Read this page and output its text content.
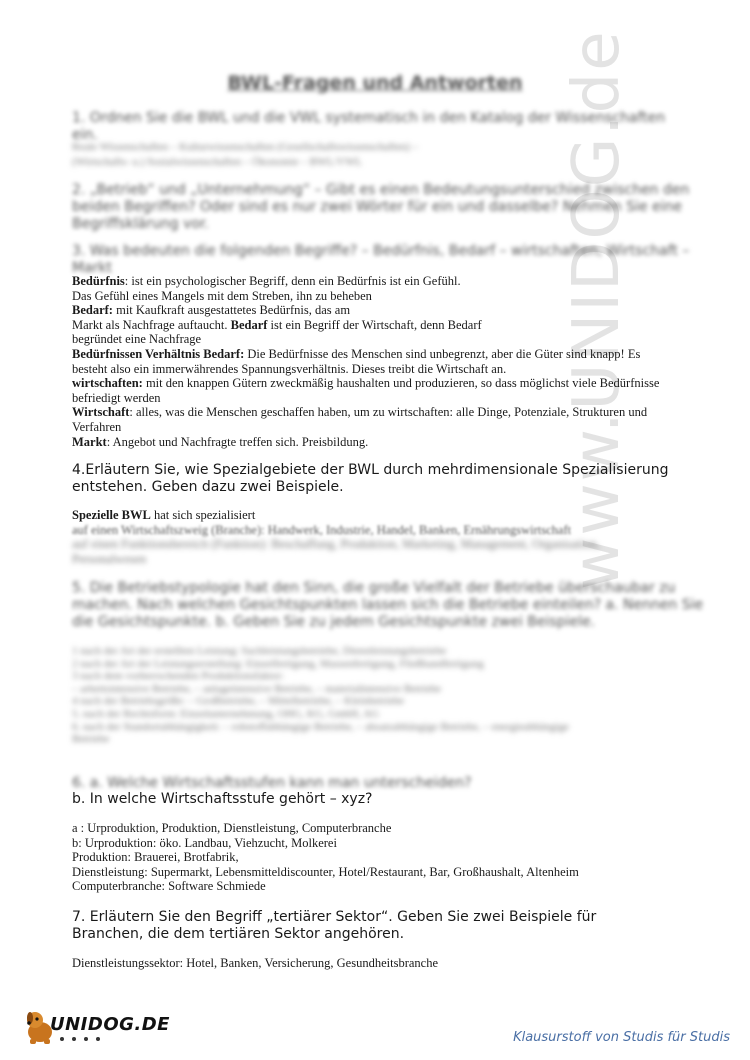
www.UNIDOG.de
BWL-Fragen und Antworten
1. Ordnen Sie die BWL und die VWL systematisch in den Katalog der Wissenschaften ein.
Reale Wissenschaften – Kulturwissenschaften (Gesellschaftswissenschaften) –
(Wirtschafts- u.) Sozialwissenschaften – Ökonomie – BWL/VWL
2. „Betrieb“ und „Unternehmung“ – Gibt es einen Bedeutungsunterschied zwischen den beiden Begriffen? Oder sind es nur zwei Wörter für ein und dasselbe? Nehmen Sie eine Begriffsklärung vor.
3. Was bedeuten die folgenden Begriffe? – Bedürfnis, Bedarf – wirtschaften, Wirtschaft – Markt
Bedürfnis: ist ein psychologischer Begriff, denn ein Bedürfnis ist ein Gefühl.
Das Gefühl eines Mangels mit dem Streben, ihn zu beheben
Bedarf: mit Kaufkraft ausgestattetes Bedürfnis, das am
Markt als Nachfrage auftaucht. Bedarf ist ein Begriff der Wirtschaft, denn Bedarf
begründet eine Nachfrage
Bedürfnissen Verhältnis Bedarf: Die Bedürfnisse des Menschen sind unbegrenzt, aber die Güter sind knapp! Es
besteht also ein immerwährendes Spannungsverhältnis. Dieses treibt die Wirtschaft an.
wirtschaften: mit den knappen Gütern zweckmäßig haushalten und produzieren, so dass möglichst viele Bedürfnisse
befriedigt werden
Wirtschaft: alles, was die Menschen geschaffen haben, um zu wirtschaften: alle Dinge, Potenziale, Strukturen und
Verfahren
Markt: Angebot und Nachfragte treffen sich. Preisbildung.
4.Erläutern Sie, wie Spezialgebiete der BWL durch mehrdimensionale Spezialisierung entstehen. Geben dazu zwei Beispiele.
Spezielle BWL hat sich spezialisiert
auf einen Wirtschaftszweig (Branche): Handwerk, Industrie, Handel, Banken, Ernährungswirtschaft
auf einen Funktionsbereich (Funktion): Beschaffung, Produktion, Marketing, Management, Organisation,
Personalwesen
5. Die Betriebstypologie hat den Sinn, die große Vielfalt der Betriebe überschaubar zu machen. Nach welchen Gesichtspunkten lassen sich die Betriebe einteilen? a. Nennen Sie die Gesichtspunkte. b. Geben Sie zu jedem Gesichtspunkte zwei Beispiele.
1 nach der Art der erstellten Leistung: Sachleistungsbetriebe, Dienstleistungsbetriebe
2 nach der Art der Leistungserstellung: Einzelfertigung, Massenfertigung, Fließbandfertigung
3 nach dem vorherrschenden Produktionsfaktor:
– arbeitsintensive Betriebe, – anlageintensive Betriebe, – materialintensive Betriebe
4 nach der Betriebsgröße: – Großbetriebe, – Mittelbetriebe, – Kleinbetriebe
5. nach der Rechtsform: Einzelunternehmung, OHG, KG, GmbH, AG
6. nach der Standortabhängigkeit: – rohstoffabhängige Betriebe, – absatzabhängige Betriebe, – energieabhängige
Betriebe
6. a. Welche Wirtschaftsstufen kann man unterscheiden?
b. In welche Wirtschaftsstufe gehört – xyz?
a : Urproduktion, Produktion, Dienstleistung, Computerbranche
b: Urproduktion: öko. Landbau, Viehzucht, Molkerei
Produktion: Brauerei, Brotfabrik,
Dienstleistung: Supermarkt, Lebensmitteldiscounter, Hotel/Restaurant, Bar, Großhaushalt, Altenheim
Computerbranche: Software Schmiede
7. Erläutern Sie den Begriff „tertiärer Sektor“. Geben Sie zwei Beispiele für Branchen, die dem tertiären Sektor angehören.
Dienstleistungssektor: Hotel, Banken, Versicherung, Gesundheitsbranche
UNIDOG.DE
Klausurstoff von Studis für Studis
